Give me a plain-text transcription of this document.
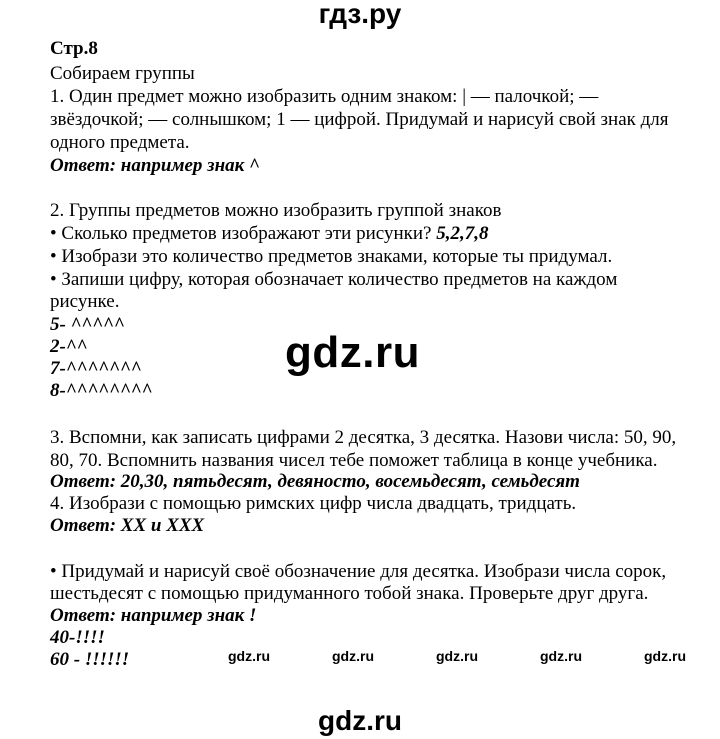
гдз.ру
Стр.8
Собираем группы
1. Один предмет можно изобразить одним знаком: | — палочкой; —
звёздочкой; — солнышком; 1 — цифрой. Придумай и нарисуй свой знак для
одного предмета.
Ответ: например знак ^
2. Группы предметов можно изобразить группой знаков
• Сколько предметов изображают эти рисунки? 5,2,7,8
• Изобрази это количество предметов знаками, которые ты придумал.
• Запиши цифру, которая обозначает количество предметов на каждом
рисунке.
5- ^^^^^
2-^^
7-^^^^^^^
8-^^^^^^^^
gdz.ru
3. Вспомни, как записать цифрами 2 десятка, 3 десятка. Назови числа: 50, 90,
80, 70. Вспомнить названия чисел тебе поможет таблица в конце учебника.
Ответ: 20,30, пятьдесят, девяносто, восемьдесят, семьдесят
4. Изобрази с помощью римских цифр числа двадцать, тридцать.
Ответ: XX и XXX
• Придумай и нарисуй своё обозначение для десятка. Изобрази числа сорок,
шестьдесят с помощью придуманного тобой знака. Проверьте друг друга.
Ответ: например знак !
40-!!!!
60 - !!!!!!	gdz.ru	gdz.ru	gdz.ru	gdz.ru	gdz.ru
gdz.ru
